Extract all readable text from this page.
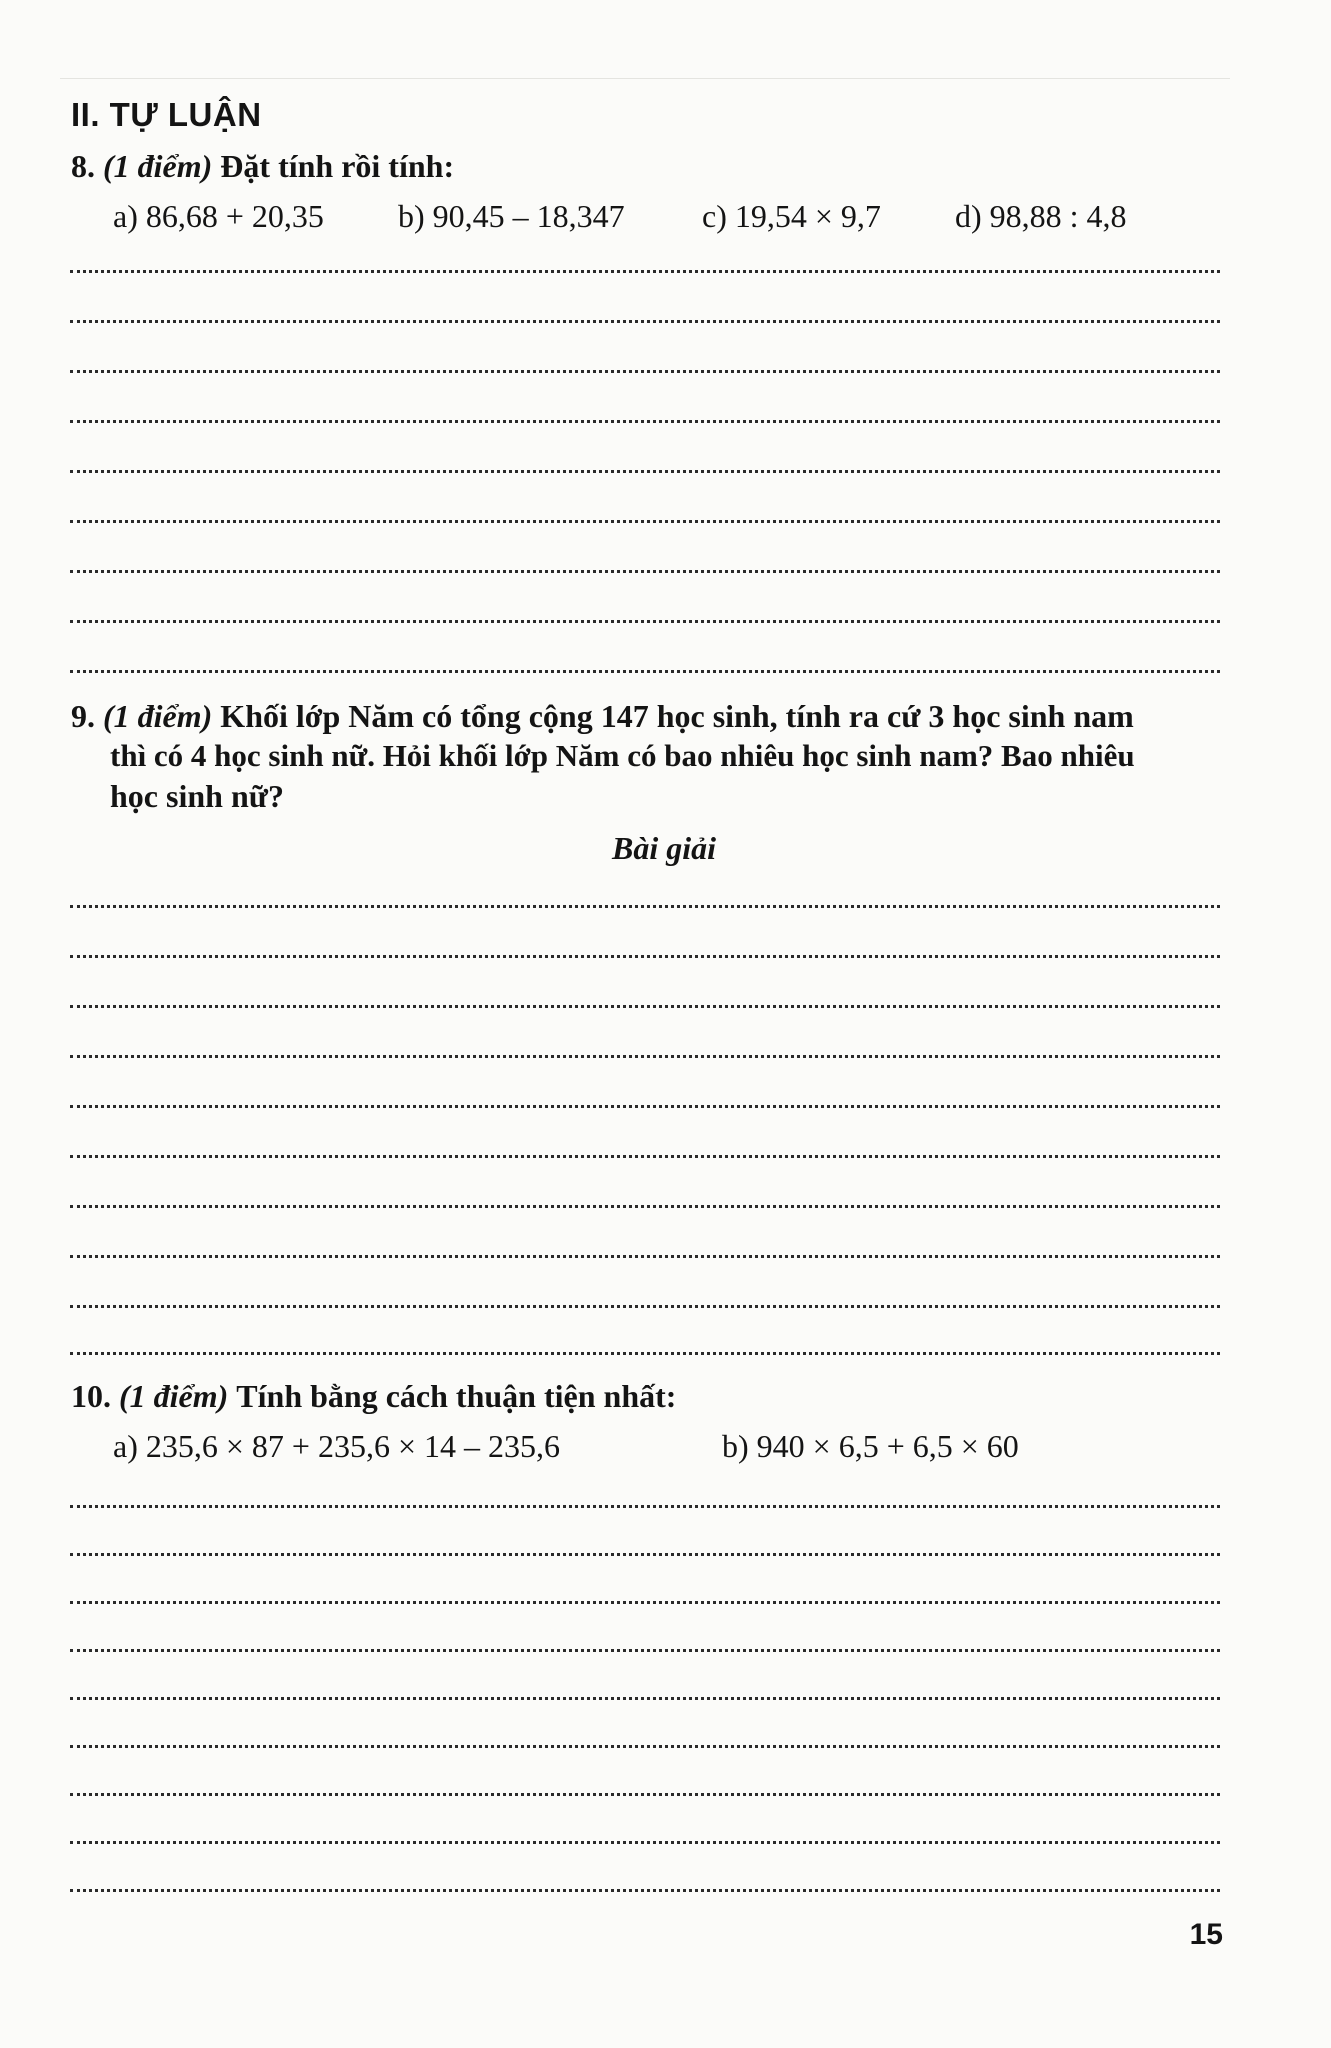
II. TỰ LUẬN
8. (1 điểm) Đặt tính rồi tính:
a) 86,68 + 20,35 b) 90,45 – 18,347 c) 19,54 × 9,7 d) 98,88 : 4,8
9. (1 điểm) Khối lớp Năm có tổng cộng 147 học sinh, tính ra cứ 3 học sinh nam
thì có 4 học sinh nữ. Hỏi khối lớp Năm có bao nhiêu học sinh nam? Bao nhiêu
học sinh nữ?
Bài giải
10. (1 điểm) Tính bằng cách thuận tiện nhất:
a) 235,6 × 87 + 235,6 × 14 – 235,6	b) 940 × 6,5 + 6,5 × 60
15
